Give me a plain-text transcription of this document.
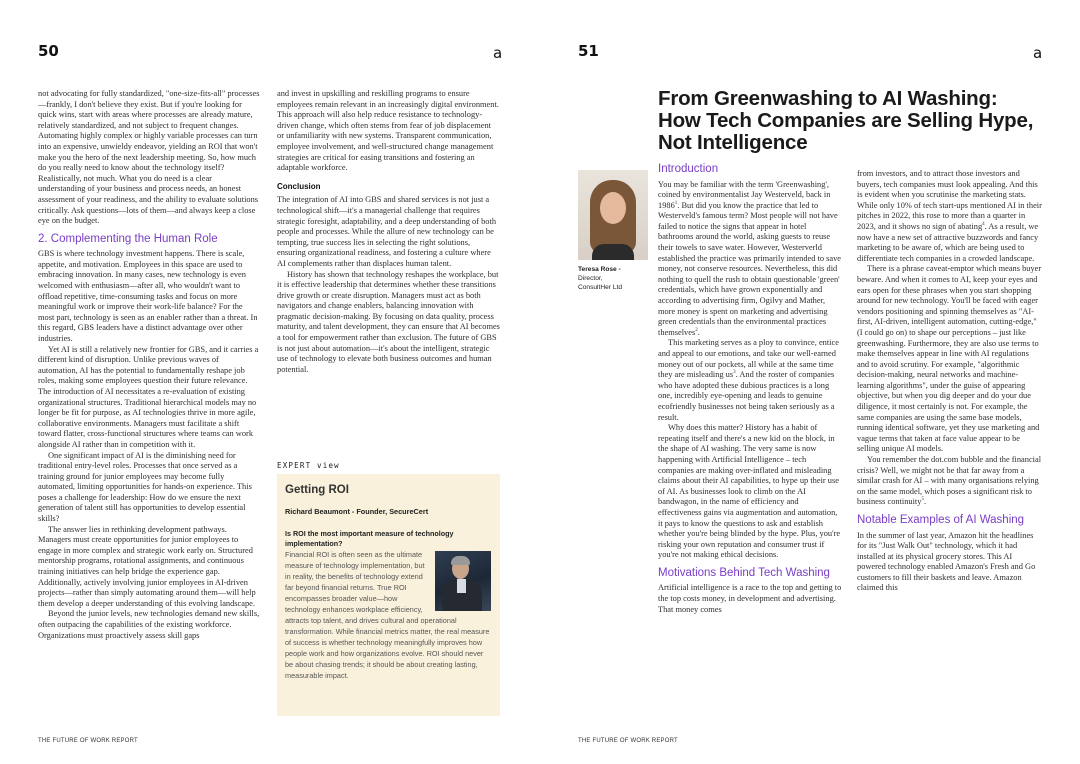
50	a

not advocating for fully standardized, "one-size-fits-all" processes—frankly, I don't believe they exist. But if you're looking for quick wins, start with areas where processes are already mature, relatively standardized, and not subject to frequent changes. Automating highly complex or highly variable processes can turn into an expensive, unwieldy endeavor, yielding an ROI that won't make you the hero of the next leadership meeting. So, how much do you really need to know about the technology itself? Realistically, not much. What you do need is a clear understanding of your business and process needs, an honest assessment of your readiness, and the ability to evaluate solutions critically. Ask questions—lots of them—and always keep a close eye on the budget.

2. Complementing the Human Role

GBS is where technology investment happens. There is scale, appetite, and motivation. Employees in this space are used to embracing innovation. In many cases, new technology is even welcomed with enthusiasm—after all, who wouldn't want to offload repetitive, time-consuming tasks and focus on more meaningful work or improve their work-life balance? For the most part, technology is seen as an enabler rather than a threat. In this regard, GBS leaders have a distinct advantage over other industries.

Yet AI is still a relatively new frontier for GBS, and it carries a different kind of disruption. Unlike previous waves of automation, AI has the potential to fundamentally reshape job roles, making some employees question their future relevance. The introduction of AI necessitates a re-evaluation of existing organizational structures. Traditional hierarchical models may no longer be fit for purpose, as AI technologies thrive in more agile, collaborative environments. Managers must facilitate a shift toward flatter, cross-functional structures where teams can work alongside AI rather than in competition with it.

One significant impact of AI is the diminishing need for traditional entry-level roles. Processes that once served as a training ground for junior employees may become fully automated, limiting opportunities for hands-on experience. This poses a challenge for leadership: How do we ensure the next generation of talent still has opportunities to develop essential skills?

The answer lies in rethinking development pathways. Managers must create opportunities for junior employees to engage in more complex and strategic work early on. Structured mentorship programs, rotational assignments, and continuous training initiatives can help bridge the experience gap. Additionally, actively involving junior employees in AI-driven projects—rather than simply automating around them—will help them develop a deeper understanding of this evolving landscape.

Beyond the junior levels, new technologies demand new skills, often outpacing the capabilities of the existing workforce. Organizations must proactively assess skill gaps

and invest in upskilling and reskilling programs to ensure employees remain relevant in an increasingly digital environment. This approach will also help reduce resistance to technology-driven change, which often stems from fear of job displacement or unfamiliarity with new systems. Transparent communication, employee involvement, and well-structured change management strategies are critical for easing transitions and fostering an adaptable workforce.

Conclusion

The integration of AI into GBS and shared services is not just a technological shift—it's a managerial challenge that requires strategic foresight, adaptability, and a deep understanding of both people and processes. While the allure of new technology can be tempting, true success lies in selecting the right solutions, ensuring organizational readiness, and fostering a culture where AI complements rather than displaces human talent.

History has shown that technology reshapes the workplace, but it is effective leadership that determines whether these transitions drive growth or create disruption. Managers must act as both navigators and change enablers, balancing innovation with pragmatic decision-making. By focusing on data quality, process maturity, and talent development, they can ensure that AI becomes a tool for empowerment rather than exclusion. The future of GBS is not just about automation—it's about the intelligent, strategic use of technology to elevate both business outcomes and human potential.

EXPERT view
Getting ROI
Richard Beaumont - Founder, SecureCert
Is ROI the most important measure of technology implementation?
Financial ROI is often seen as the ultimate measure of technology implementation, but in reality, the benefits of technology extend far beyond financial returns. True ROI encompasses broader value—how technology enhances workplace efficiency, attracts top talent, and drives cultural and operational transformation. While financial metrics matter, the real measure of success is whether technology meaningfully improves how people work and how organizations evolve. ROI should never be about chasing trends; it should be about creating lasting, measurable impact.
THE FUTURE OF WORK REPORT
51	a
From Greenwashing to AI Washing: How Tech Companies are Selling Hype, Not Intelligence
Teresa Rose -
Director,
ConsultHer Ltd
Introduction

You may be familiar with the term 'Greenwashing', coined by environmentalist Jay Westerveld, back in 1986$^1$. But did you know the practice that led to Westerveld's famous term? Most people will not have failed to notice the signs that appear in hotel bathrooms around the world, asking guests to reuse their towels to save water. However, Westerverld established the practice was primarily intended to save money, not conserve resources. Nevertheless, this did nothing to quell the rush to obtain questionable 'green' credentials, which have grown exponentially and according to advertising firm, Ogilvy and Mather, more money is spent on marketing and advertising green credentials than the environmental practices themselves$^2$.

This marketing serves as a ploy to convince, entice and appeal to our emotions, and take our well-earned money out of our pockets, all while at the same time they are misleading $us^3$. And the roster of companies who have adopted these dubious practices is a long one, incredibly eye-opening and leads to genuine ecofriendly businesses not being taken seriously as a result.

Why does this matter? History has a habit of repeating itself and there's a new kid on the block, in the shape of AI washing. The very same is now happening with Artificial Intelligence – tech companies are making over-inflated and misleading claims about their AI capabilities, to hype up their use of AI. As businesses look to climb on the AI bandwagon, in the name of efficiency and effectiveness gains via augmentation and automation, it pays to know the questions to ask and establish whether you're being blinded by the hype. Plus, you're risking your own reputation and consumer trust if you're not making ethical decisions.

Motivations Behind Tech Washing

Artificial intelligence is a race to the top and getting to the top costs money, in development and advertising. That money comes

from investors, and to attract those investors and buyers, tech companies must look appealing. And this is evident when you scrutinise the marketing stats. While only 10% of tech start-ups mentioned AI in their pitches in 2022, this rose to more than a quarter in 2023, and it shows no sign of abating$^4$. As a result, we now have a new set of attractive buzzwords and fancy marketing to be aware of, which are being used to differentiate tech companies in a crowded landscape.

There is a phrase caveat-emptor which means buyer beware. And when it comes to AI, keep your eyes and ears open for these phrases when you start shopping around for new technology. You'll be faced with eager vendors positioning and spinning themselves as "AI-first, AI-driven, intelligent automation, cutting-edge," (I could go on) to shape our perceptions – just like greenwashing. Furthermore, they are also use terms to make themselves appear in line with AI regulations and to avoid scrutiny. For example, "algorithmic decision-making, neural networks and machine-learning algorithms", under the guise of appearing objective, but when you dig deeper and do your due diligence, it most certainly is not. For example, the same companies are using the same base models, running identical software, yet they use marketing and vague terms that taken at face value appear to be selling unique AI models.

You remember the dot.com bubble and the financial crisis? Well, we might not be that far away from a similar crash for AI – with many organisations relying on the same model, which poses a significant risk to business continuity$^5$.

Notable Examples of AI Washing

In the summer of last year, Amazon hit the headlines for its "Just Walk Out" technology, which it had installed at its physical grocery stores. This AI powered technology enabled Amazon's Fresh and Go customers to fill their baskets and leave. Amazon claimed this

THE FUTURE OF WORK REPORT
